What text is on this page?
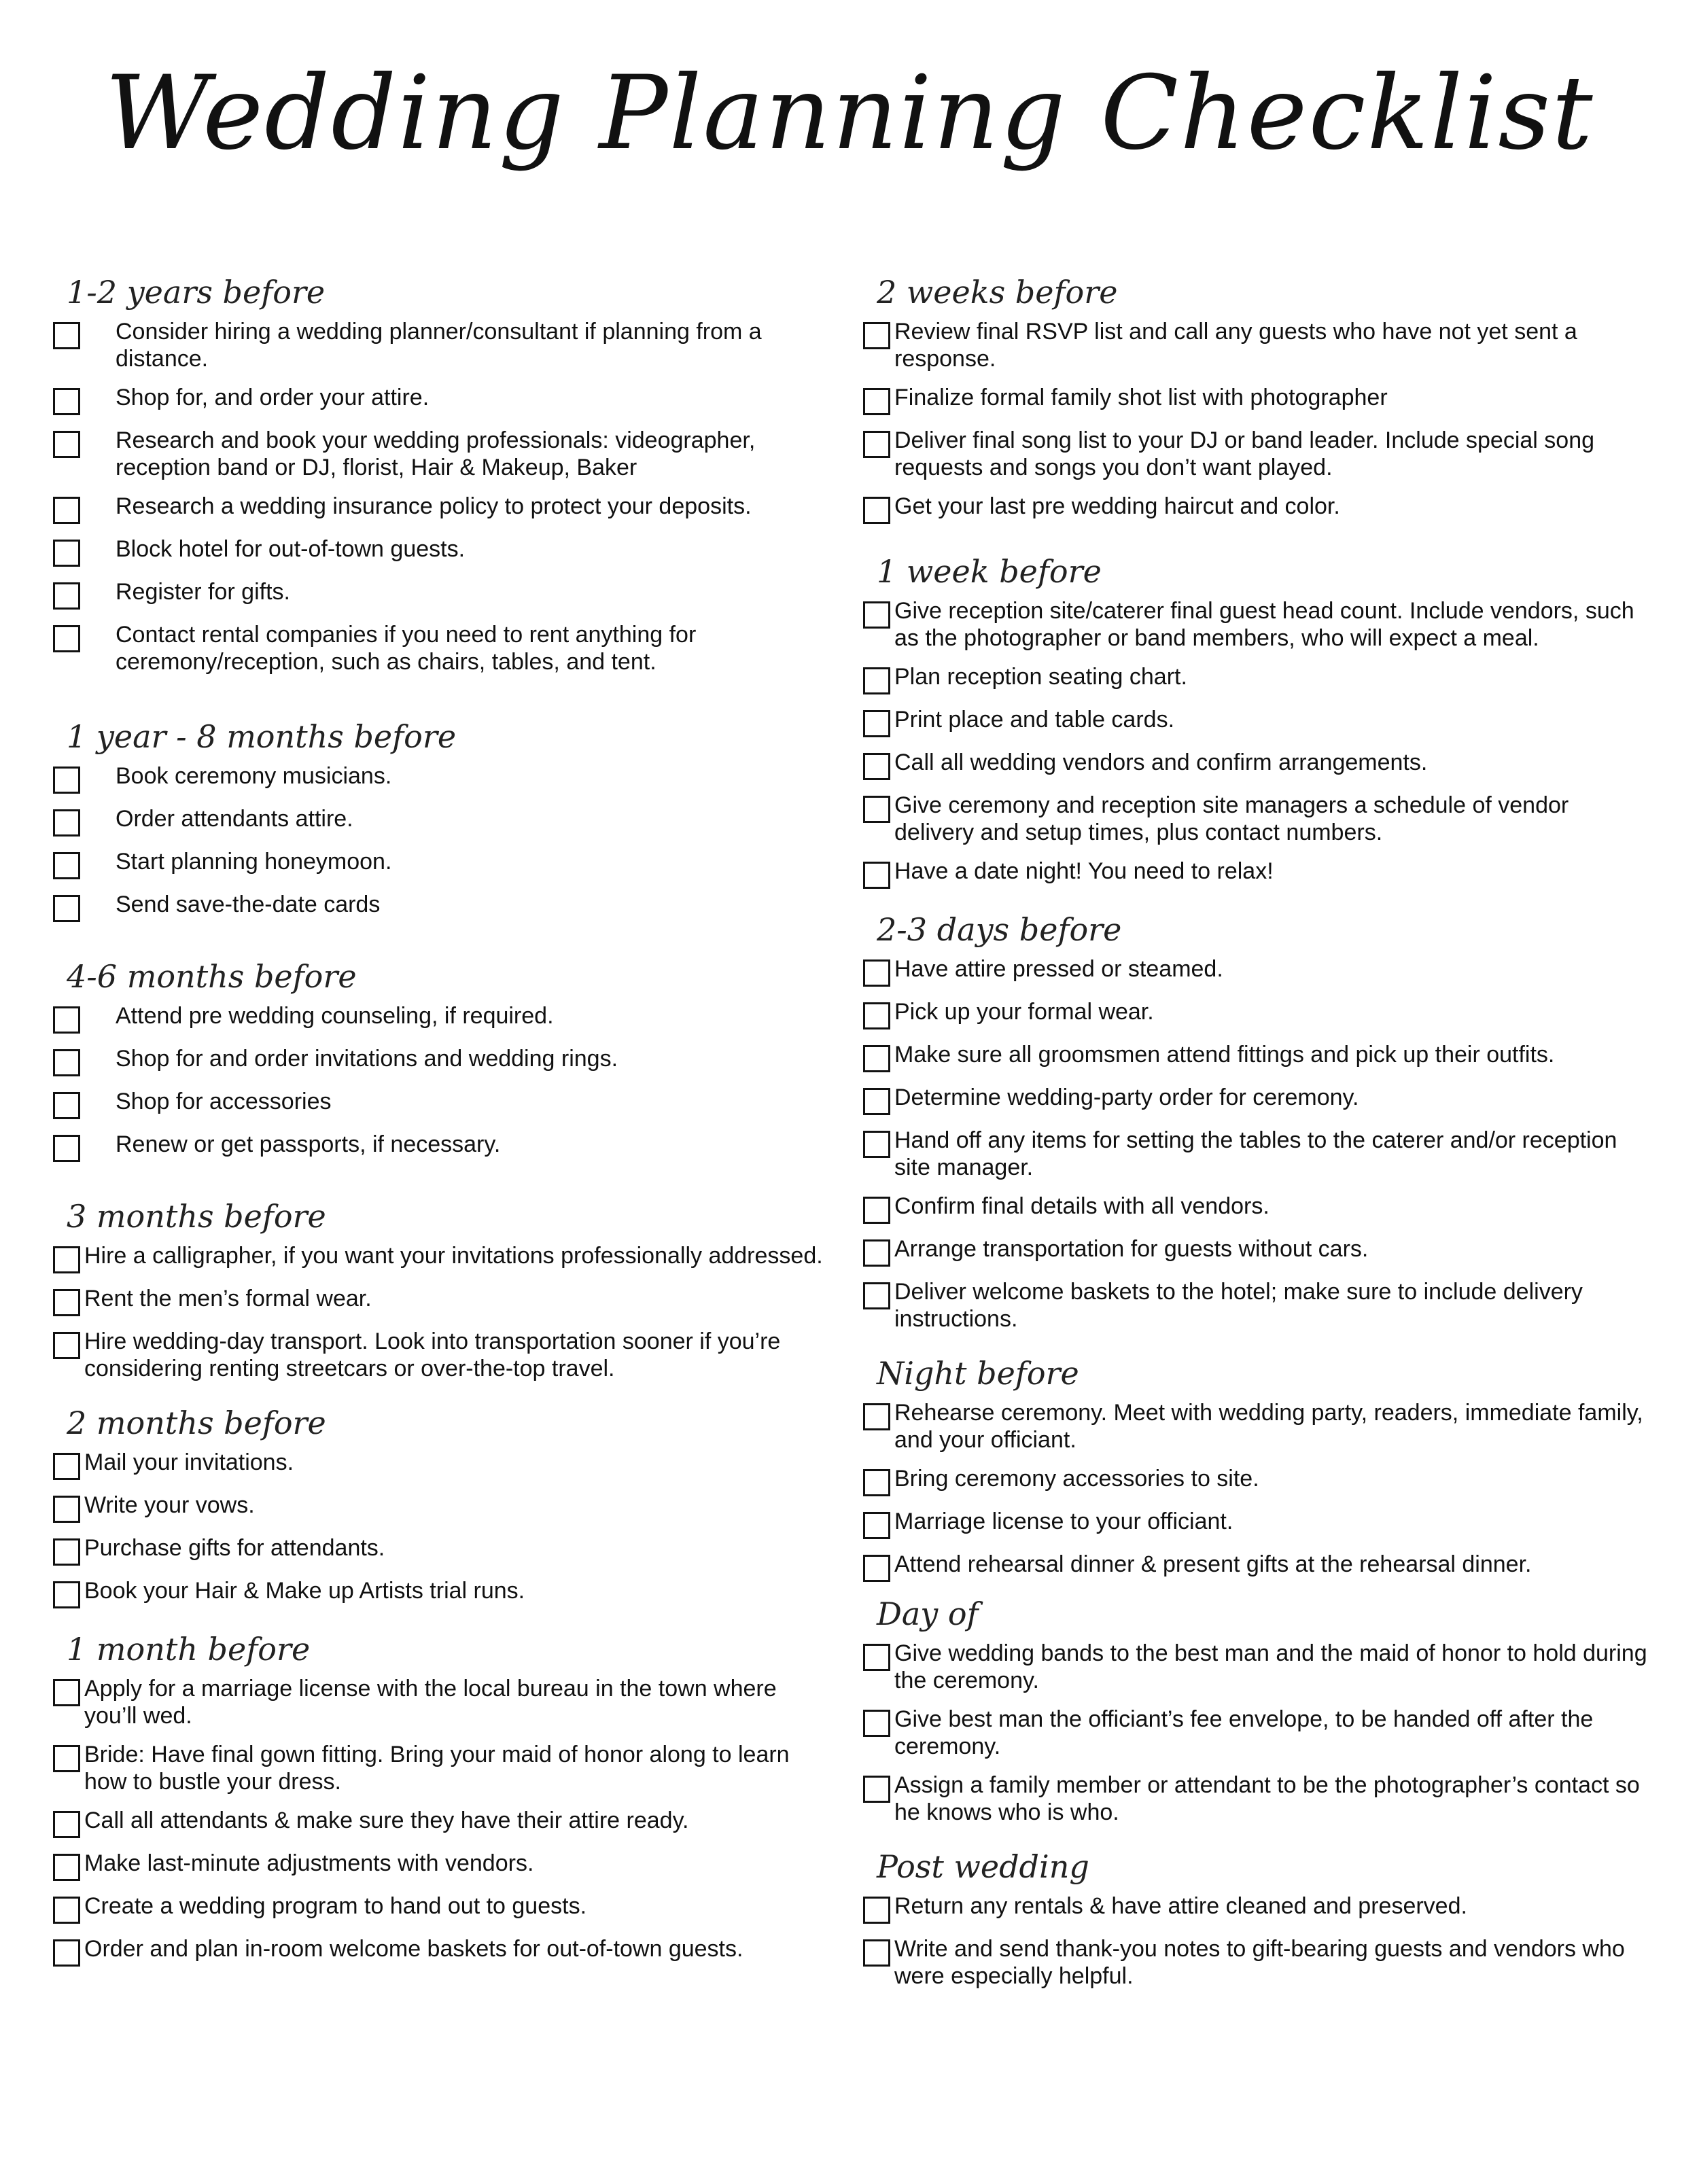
Wedding Planning Checklist
1-2 years before
Consider hiring a wedding planner/consultant if planning from a distance.
Shop for, and order your attire.
Research and book your wedding professionals: videographer, reception band or DJ, florist, Hair & Makeup, Baker
Research a wedding insurance policy to protect your deposits.
Block hotel for out-of-town guests.
Register for gifts.
Contact rental companies if you need to rent anything for ceremony/reception, such as chairs, tables, and tent.
1 year - 8 months before
Book ceremony musicians.
Order attendants attire.
Start planning honeymoon.
Send save-the-date cards
4-6 months before
Attend pre wedding counseling, if required.
Shop for and order invitations and wedding rings.
Shop for accessories
Renew or get passports, if necessary.
3 months before
Hire a calligrapher, if you want your invitations professionally addressed.
Rent the men’s formal wear.
Hire wedding-day transport. Look into transportation sooner if you’re considering renting streetcars or over-the-top travel.
2 months before
Mail your invitations.
Write your vows.
Purchase gifts for attendants.
Book your Hair & Make up Artists trial runs.
1 month before
Apply for a marriage license with the local bureau in the town where you’ll wed.
Bride: Have final gown fitting. Bring your maid of honor along to learn how to bustle your dress.
Call all attendants & make sure they have their attire ready.
Make last-minute adjustments with vendors.
Create a wedding program to hand out to guests.
Order and plan in-room welcome baskets for out-of-town guests.
2 weeks before
Review final RSVP list and call any guests who have not yet sent a response.
Finalize formal family shot list with photographer
Deliver final song list to your DJ or band leader. Include special song requests and songs you don’t want played.
Get your last pre wedding haircut and color.
1 week before
Give reception site/caterer final guest head count. Include vendors, such as the photographer or band members, who will expect a meal.
Plan reception seating chart.
Print place and table cards.
Call all wedding vendors and confirm arrangements.
Give ceremony and reception site managers a schedule of vendor delivery and setup times, plus contact numbers.
Have a date night! You need to relax!
2-3 days before
Have attire pressed or steamed.
Pick up your formal wear.
Make sure all groomsmen attend fittings and pick up their outfits.
Determine wedding-party order for ceremony.
Hand off any items for setting the tables to the caterer and/or reception site manager.
Confirm final details with all vendors.
Arrange transportation for guests without cars.
Deliver welcome baskets to the hotel; make sure to include delivery instructions.
Night before
Rehearse ceremony. Meet with wedding party, readers, immediate family, and your officiant.
Bring ceremony accessories to site.
Marriage license to your officiant.
Attend rehearsal dinner & present gifts at the rehearsal dinner.
Day of
Give wedding bands to the best man and the maid of honor to hold during the ceremony.
Give best man the officiant’s fee envelope, to be handed off after the ceremony.
Assign a family member or attendant to be the photographer’s contact so he knows who is who.
Post wedding
Return any rentals & have attire cleaned and preserved.
Write and send thank-you notes to gift-bearing guests and vendors who were especially helpful.
